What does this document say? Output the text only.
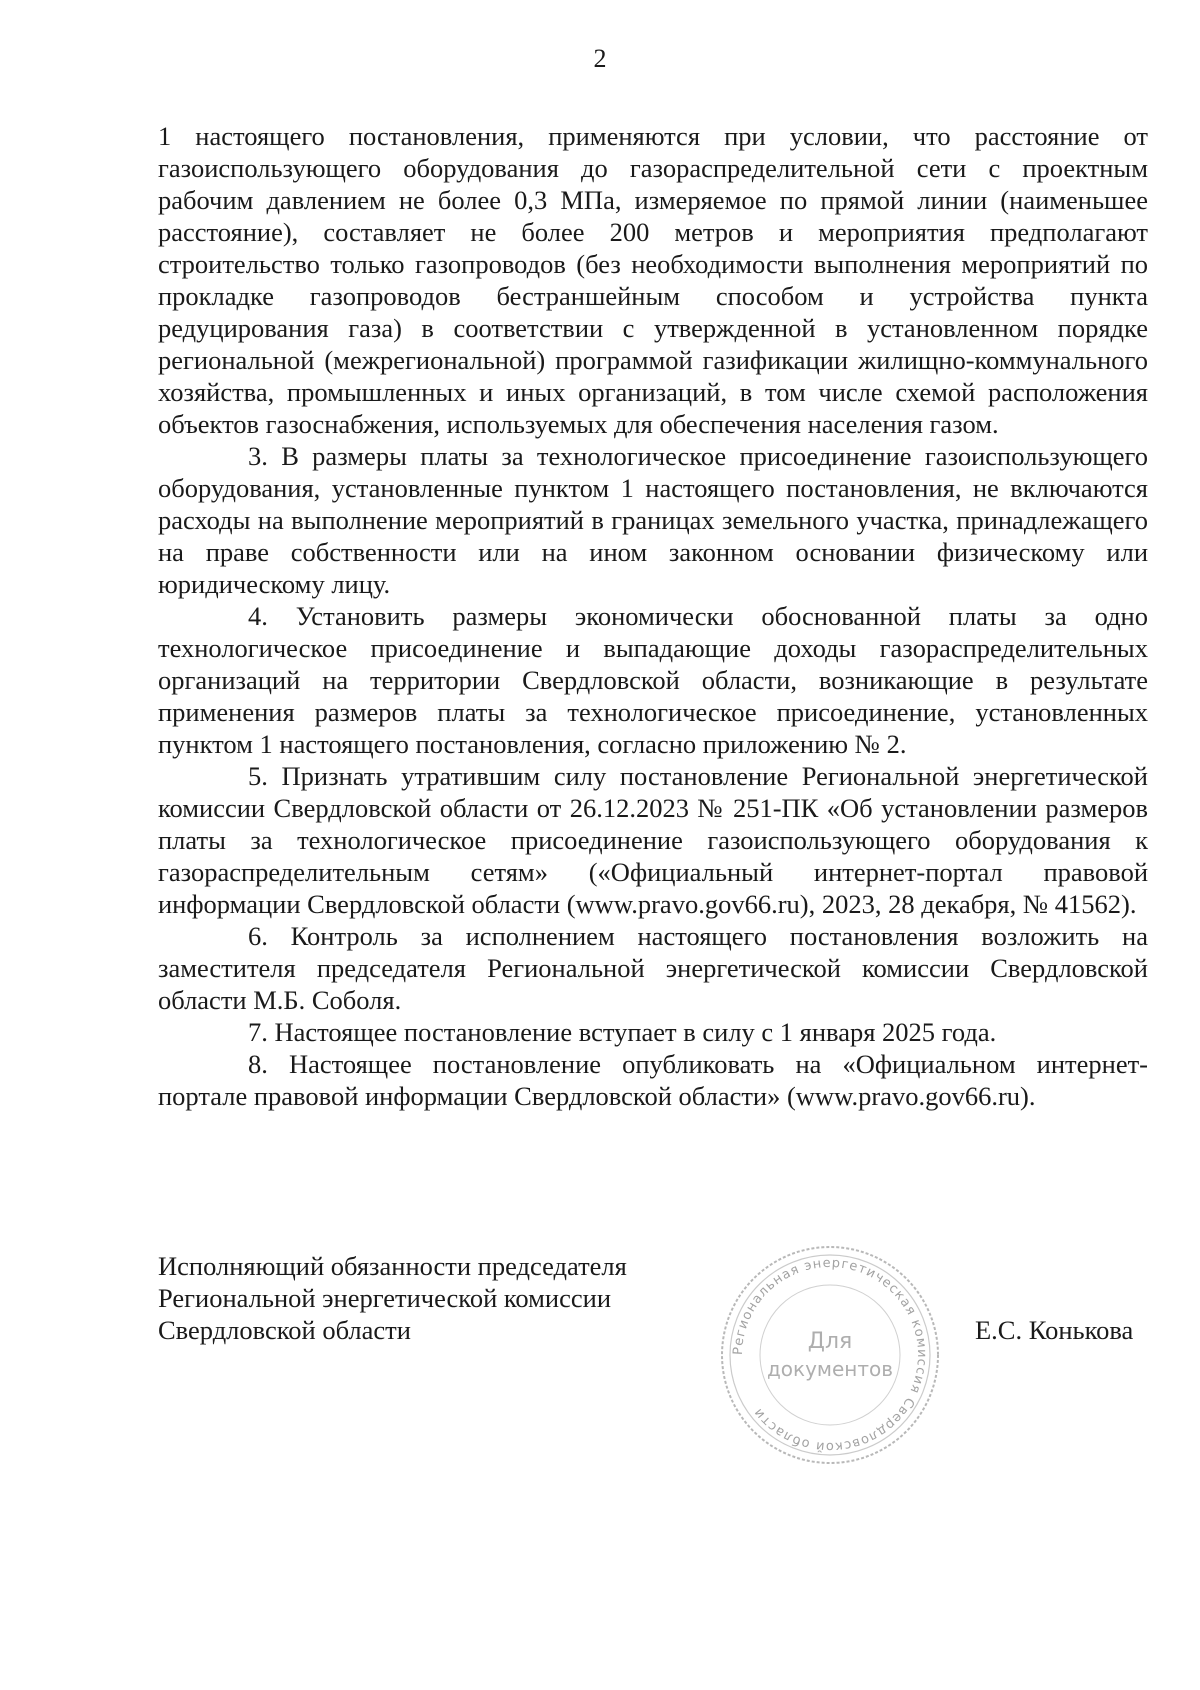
2

1 настоящего постановления, применяются при условии, что расстояние от газоиспользующего оборудования до газораспределительной сети с проектным рабочим давлением не более 0,3 МПа, измеряемое по прямой линии (наименьшее расстояние), составляет не более 200 метров и мероприятия предполагают строительство только газопроводов (без необходимости выполнения мероприятий по прокладке газопроводов бестраншейным способом и устройства пункта редуцирования газа) в соответствии с утвержденной в установленном порядке региональной (межрегиональной) программой газификации жилищно-коммунального хозяйства, промышленных и иных организаций, в том числе схемой расположения объектов газоснабжения, используемых для обеспечения населения газом.

3. В размеры платы за технологическое присоединение газоиспользующего оборудования, установленные пунктом 1 настоящего постановления, не включаются расходы на выполнение мероприятий в границах земельного участка, принадлежащего на праве собственности или на ином законном основании физическому или юридическому лицу.

4. Установить размеры экономически обоснованной платы за одно технологическое присоединение и выпадающие доходы газораспределительных организаций на территории Свердловской области, возникающие в результате применения размеров платы за технологическое присоединение, установленных пунктом 1 настоящего постановления, согласно приложению № 2.

5. Признать утратившим силу постановление Региональной энергетической комиссии Свердловской области от 26.12.2023 № 251-ПК «Об установлении размеров платы за технологическое присоединение газоиспользующего оборудования к газораспределительным сетям» («Официальный интернет-портал правовой информации Свердловской области (www.pravo.gov66.ru), 2023, 28 декабря, № 41562).

6. Контроль за исполнением настоящего постановления возложить на заместителя председателя Региональной энергетической комиссии Свердловской области М.Б. Соболя.

7. Настоящее постановление вступает в силу с 1 января 2025 года.

8. Настоящее постановление опубликовать на «Официальном интернет-портале правовой информации Свердловской области» (www.pravo.gov66.ru).

Исполняющий обязанности председателя
Региональной энергетической комиссии
Свердловской области
Региональная энергетическая комиссия Свердловской области
Для
документов
Е.С. Конькова
